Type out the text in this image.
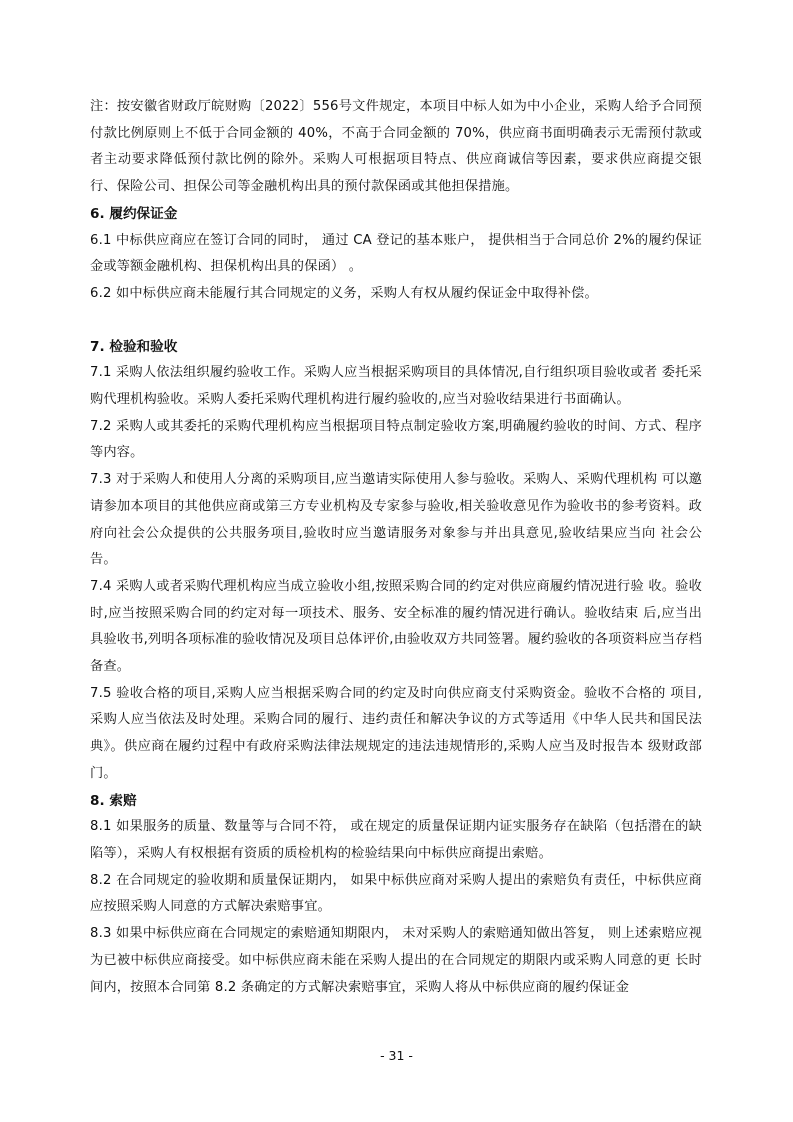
注：按安徽省财政厅皖财购〔2022〕556号文件规定，本项目中标人如为中小企业，采购人给予合同预付款比例原则上不低于合同金额的 40%，不高于合同金额的 70%，供应商书面明确表示无需预付款或者主动要求降低预付款比例的除外。采购人可根据项目特点、供应商诚信等因素，要求供应商提交银行、保险公司、担保公司等金融机构出具的预付款保函或其他担保措施。

6. 履约保证金

6.1 中标供应商应在签订合同的同时， 通过 CA 登记的基本账户， 提供相当于合同总价 2%的履约保证金或等额金融机构、担保机构出具的保函） 。

6.2 如中标供应商未能履行其合同规定的义务，采购人有权从履约保证金中取得补偿。

7. 检验和验收

7.1 采购人依法组织履约验收工作。采购人应当根据采购项目的具体情况,自行组织项目验收或者 委托采购代理机构验收。采购人委托采购代理机构进行履约验收的,应当对验收结果进行书面确认。

7.2 采购人或其委托的采购代理机构应当根据项目特点制定验收方案,明确履约验收的时间、方式、程序等内容。

7.3 对于采购人和使用人分离的采购项目,应当邀请实际使用人参与验收。采购人、采购代理机构 可以邀请参加本项目的其他供应商或第三方专业机构及专家参与验收,相关验收意见作为验收书的参考资料。政府向社会公众提供的公共服务项目,验收时应当邀请服务对象参与并出具意见,验收结果应当向 社会公告。

7.4 采购人或者采购代理机构应当成立验收小组,按照采购合同的约定对供应商履约情况进行验 收。验收时,应当按照采购合同的约定对每一项技术、服务、安全标准的履约情况进行确认。验收结束 后,应当出具验收书,列明各项标准的验收情况及项目总体评价,由验收双方共同签署。履约验收的各项资料应当存档备查。

7.5 验收合格的项目,采购人应当根据采购合同的约定及时向供应商支付采购资金。验收不合格的 项目,采购人应当依法及时处理。采购合同的履行、违约责任和解决争议的方式等适用《中华人民共和国民法典》。供应商在履约过程中有政府采购法律法规规定的违法违规情形的,采购人应当及时报告本 级财政部门。

8. 索赔

8.1 如果服务的质量、数量等与合同不符， 或在规定的质量保证期内证实服务存在缺陷（包括潜在的缺陷等），采购人有权根据有资质的质检机构的检验结果向中标供应商提出索赔。

8.2 在合同规定的验收期和质量保证期内， 如果中标供应商对采购人提出的索赔负有责任，中标供应商应按照采购人同意的方式解决索赔事宜。

8.3 如果中标供应商在合同规定的索赔通知期限内， 未对采购人的索赔通知做出答复， 则上述索赔应视为已被中标供应商接受。如中标供应商未能在采购人提出的在合同规定的期限内或采购人同意的更 长时间内，按照本合同第 8.2 条确定的方式解决索赔事宜，采购人将从中标供应商的履约保证金

- 31 -
